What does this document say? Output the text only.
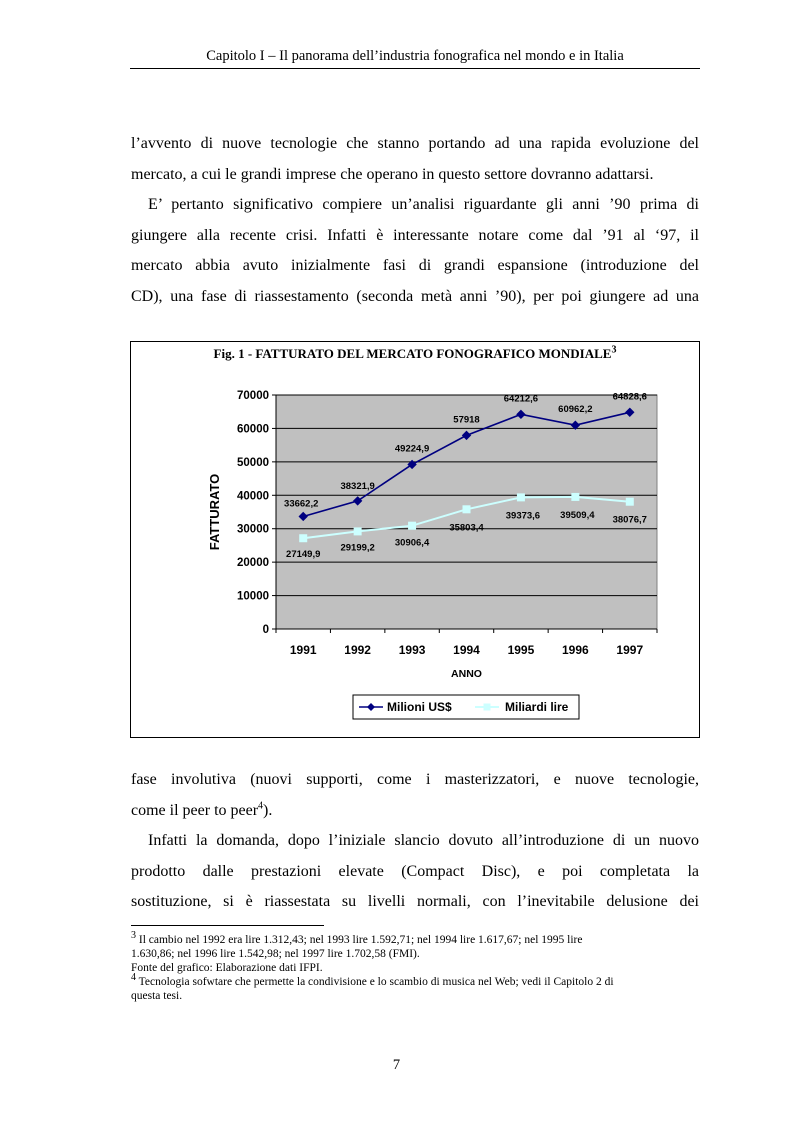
Capitolo I – Il panorama dell’industria fonografica nel mondo e in Italia
l’avvento di nuove tecnologie che stanno portando ad una rapida evoluzione del
mercato, a cui le grandi imprese che operano in questo settore dovranno adattarsi.
E’ pertanto significativo compiere un’analisi riguardante gli anni ’90 prima di
giungere alla recente crisi. Infatti è interessante notare come dal ’91 al ‘97, il
mercato abbia avuto inizialmente fasi di grandi espansione (introduzione del
CD), una fase di riassestamento (seconda metà anni ’90), per poi giungere ad una
Fig. 1 - FATTURATO DEL MERCATO FONOGRAFICO MONDIALE$^3$
0
10000
20000
30000
40000
50000
60000
70000
1991 1992 1993 1994 1995 1996 1997
ANNO
FATTURATO	33662,2
38321,9
49224,9
57918
64212,6
60962,2
64828,6
27149,9
29199,2 30906,4
35803,4
39373,6 39509,4 38076,7
Milioni US$	Miliardi lire
fase involutiva (nuovi supporti, come i masterizzatori, e nuove tecnologie,
come il peer to peer$^4$).
Infatti la domanda, dopo l’iniziale slancio dovuto all’introduzione di un nuovo
prodotto dalle prestazioni elevate (Compact Disc), e poi completata la
sostituzione, si è riassestata su livelli normali, con l’inevitabile delusione dei
3 Il cambio nel 1992 era lire 1.312,43; nel 1993 lire 1.592,71; nel 1994 lire 1.617,67; nel 1995 lire
1.630,86; nel 1996 lire 1.542,98; nel 1997 lire 1.702,58 (FMI).
Fonte del grafico: Elaborazione dati IFPI.
4 Tecnologia sofwtare che permette la condivisione e lo scambio di musica nel Web; vedi il Capitolo 2 di
questa tesi.
7
